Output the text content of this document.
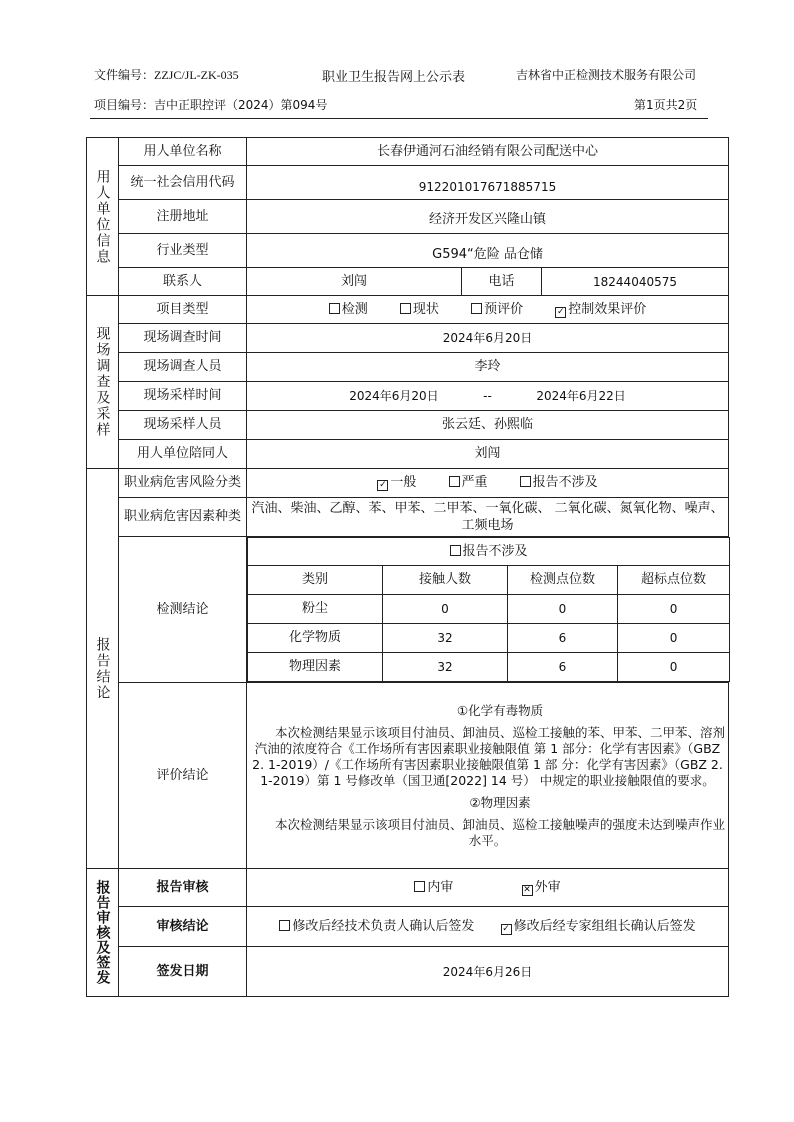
文件编号：ZZJC/JL-ZK-035	职业卫生报告网上公示表	吉林省中正检测技术服务有限公司
项目编号：吉中正职控评（2024）第094号	第1页共2页
用人单位信息
	用人单位名称	长春伊通河石油经销有限公司配送中心
统一社会信用代码	912201017671885715
注册地址	经济开发区兴隆山镇
行业类型	G594“危险 品仓储
联系人	刘闯	电话	18244040575

现场调查及采样
	项目类型	检测	现状	预评价	✓ 控制效果评价
现场调查时间	2024年6月20日
现场调查人员	李玲
现场采样时间	2024年6月20日	--	2024年6月22日
现场采样人员	张云廷、孙熙临
用人单位陪同人	刘闯

报告结论
	职业病危害风险分类	✓ 一般	严重	报告不涉及
职业病危害因素种类	汽油、柴油、乙醇、苯、甲苯、二甲苯、一氧化碳、 二氧化碳、氮氧化物、噪声、工频电场
检测结论	
报告不涉及
类别	接触人数	检测点位数	超标点位数
粉尘	0	0	0
化学物质	32	6	0
物理因素	32	6	0

评价结论	

①化学有毒物质

本次检测结果显示该项目付油员、卸油员、巡检工接触的苯、甲苯、二甲苯、溶剂汽油的浓度符合《工作场所有害因素职业接触限值 第 1 部分：化学有害因素》（GBZ 2. 1-2019）/《工作场所有害因素职业接触限值第 1 部 分：化学有害因素》（GBZ 2. 1-2019）第 1 号修改单（国卫通[2022] 14 号） 中规定的职业接触限值的要求。

②物理因素

本次检测结果显示该项目付油员、卸油员、巡检工接触噪声的强度未达到噪声作业水平。

报告审核及签发	报告审核	内审	✕ 外审
审核结论	修改后经技术负责人确认后签发	✓ 修改后经专家组组长确认后签发
签发日期	2024年6月26日
